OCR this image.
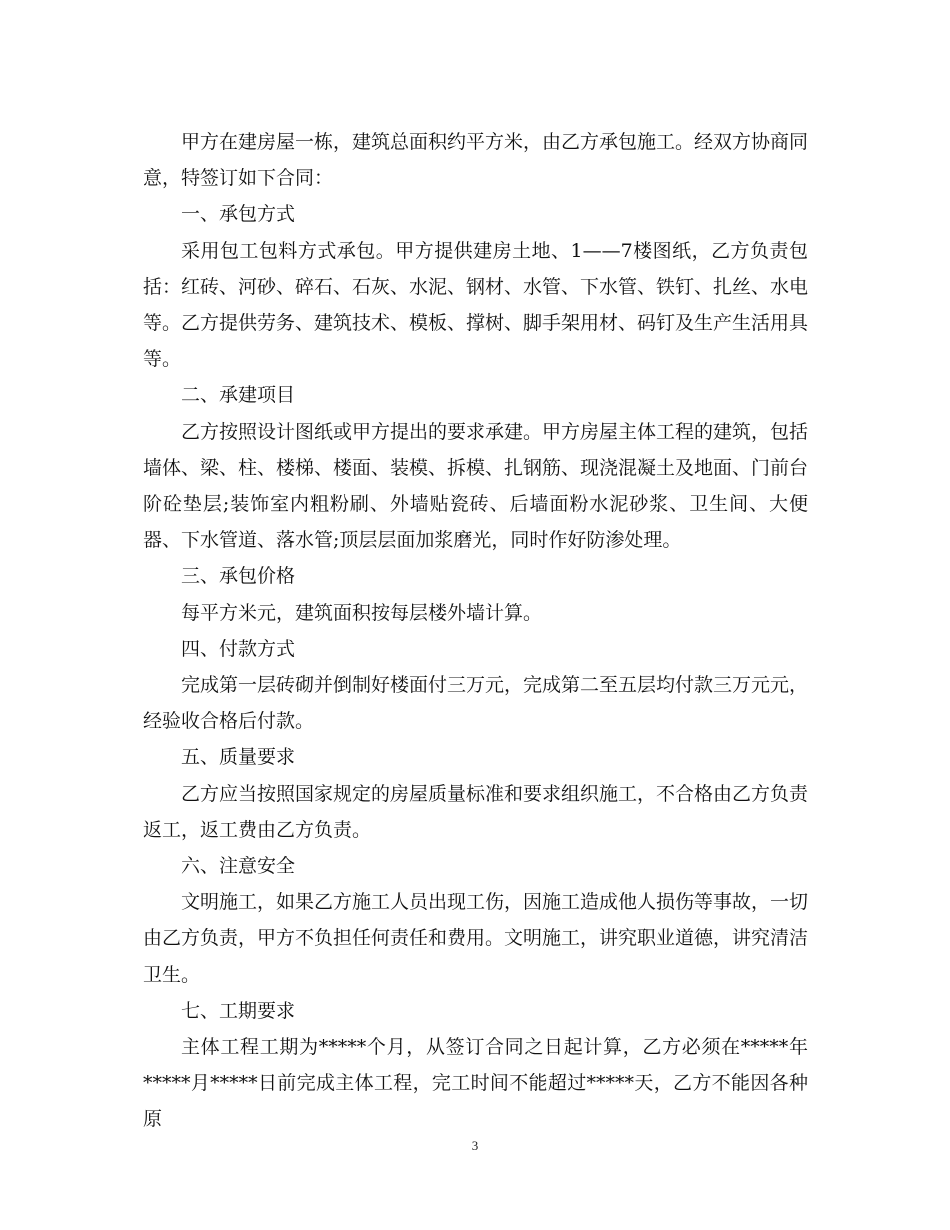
甲方在建房屋一栋，建筑总面积约平方米，由乙方承包施工。经双方协商同意，特签订如下合同：

一、承包方式

采用包工包料方式承包。甲方提供建房土地、1——7楼图纸，乙方负责包括：红砖、河砂、碎石、石灰、水泥、钢材、水管、下水管、铁钉、扎丝、水电等。乙方提供劳务、建筑技术、模板、撑树、脚手架用材、码钉及生产生活用具等。

二、承建项目

乙方按照设计图纸或甲方提出的要求承建。甲方房屋主体工程的建筑，包括墙体、梁、柱、楼梯、楼面、装模、拆模、扎钢筋、现浇混凝土及地面、门前台阶砼垫层;装饰室内粗粉刷、外墙贴瓷砖、后墙面粉水泥砂浆、卫生间、大便器、下水管道、落水管;顶层层面加浆磨光，同时作好防渗处理。

三、承包价格

每平方米元，建筑面积按每层楼外墙计算。

四、付款方式

完成第一层砖砌并倒制好楼面付三万元，完成第二至五层均付款三万元元，经验收合格后付款。

五、质量要求

乙方应当按照国家规定的房屋质量标准和要求组织施工，不合格由乙方负责返工，返工费由乙方负责。

六、注意安全

文明施工，如果乙方施工人员出现工伤，因施工造成他人损伤等事故，一切由乙方负责，甲方不负担任何责任和费用。文明施工，讲究职业道德，讲究清洁卫生。

七、工期要求

主体工程工期为*****个月，从签订合同之日起计算，乙方必须在*****年*****月*****日前完成主体工程，完工时间不能超过*****天，乙方不能因各种原

3
